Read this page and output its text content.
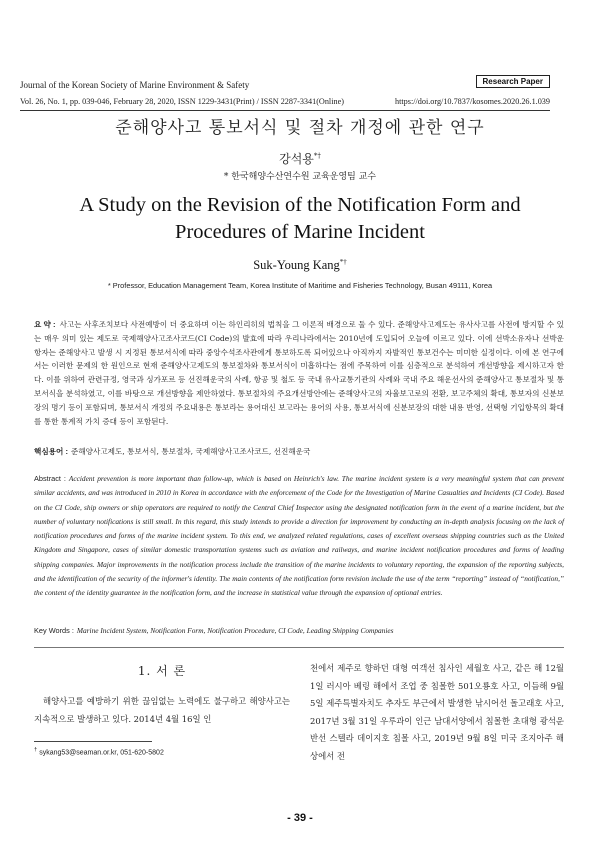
Journal of the Korean Society of Marine Environment & Safety	Research Paper
Vol. 26, No. 1, pp. 039-046, February 28, 2020, ISSN 1229-3431(Print) / ISSN 2287-3341(Online)	https://doi.org/10.7837/kosomes.2020.26.1.039
준해양사고 통보서식 및 절차 개정에 관한 연구
강석용*†
* 한국해양수산연수원 교육운영팀 교수
A Study on the Revision of the Notification Form and Procedures of Marine Incident
Suk-Young Kang*†
* Professor, Education Management Team, Korea Institute of Maritime and Fisheries Technology, Busan 49111, Korea
요 약 : 사고는 사후조치보다 사전예방이 더 중요하며 이는 하인리히의 법칙을 그 이론적 배경으로 둘 수 있다. 준해양사고제도는 유사사고를 사전에 방지할 수 있는 매우 의미 있는 제도로 국제해양사고조사코드(CI Code)의 발효에 따라 우리나라에서는 2010년에 도입되어 오늘에 이르고 있다. 이에 선박소유자나 선박운항자는 준해양사고 발생 시 지정된 통보서식에 따라 중앙수석조사관에게 통보하도록 되어있으나 아직까지 자발적인 통보건수는 미미한 실정이다. 이에 본 연구에서는 이러한 문제의 한 원인으로 현재 준해양사고제도의 통보절차와 통보서식이 미흡하다는 점에 주목하여 이를 심층적으로 분석하여 개선방향을 제시하고자 한다. 이를 위하여 관련규정, 영국과 싱가포르 등 선진해운국의 사례, 항공 및 철도 등 국내 유사교통기관의 사례와 국내 주요 해운선사의 준해양사고 통보절차 및 통보서식을 분석하였고, 이를 바탕으로 개선방향을 제안하였다. 통보절차의 주요개선방안에는 준해양사고의 자율보고로의 전환, 보고주체의 확대, 통보자의 신분보장의 명기 등이 포함되며, 통보서식 개정의 주요내용은 통보라는 용어대신 보고라는 용어의 사용, 통보서식에 신분보장의 대한 내용 반영, 선택형 기입항목의 확대를 통한 통계적 가치 증대 등이 포함된다.
핵심용어 : 준해양사고제도, 통보서식, 통보절차, 국제해양사고조사코드, 선진해운국
Abstract : Accident prevention is more important than follow-up, which is based on Heinrich's law. The marine incident system is a very meaningful system that can prevent similar accidents, and was introduced in 2010 in Korea in accordance with the enforcement of the Code for the Investigation of Marine Casualties and Incidents (CI Code). Based on the CI Code, ship owners or ship operators are required to notify the Central Chief Inspector using the designated notification form in the event of a marine incident, but the number of voluntary notifications is still small. In this regard, this study intends to provide a direction for improvement by conducting an in-depth analysis focusing on the lack of notification procedures and forms of the marine incident system. To this end, we analyzed related regulations, cases of excellent overseas shipping countries such as the United Kingdom and Singapore, cases of similar domestic transportation systems such as aviation and railways, and marine incident notification procedures and forms of leading shipping companies. Major improvements in the notification process include the transition of the marine incidents to voluntary reporting, the expansion of the reporting subjects, and the identification of the security of the informer's identity. The main contents of the notification form revision include the use of the term “reporting” instead of “notification,” the content of the identity guarantee in the notification form, and the increase in statistical value through the expansion of optional entries.
Key Words : Marine Incident System, Notification Form, Notification Procedure, CI Code, Leading Shipping Companies
1. 서 론
해양사고를 예방하기 위한 끊임없는 노력에도 불구하고 해양사고는 지속적으로 발생하고 있다. 2014년 4월 16일 인
천에서 제주로 향하던 대형 여객선 침사인 세월호 사고, 같은 해 12월 1일 러시아 베링 해에서 조업 중 침몰한 501오룡호 사고, 이듬해 9월 5일 제주특별자치도 추자도 부근에서 발생한 낚시어선 돌고래호 사고, 2017년 3월 31일 우루과이 인근 남대서양에서 침몰한 초대형 광석운반선 스텔라 데이지호 침몰 사고, 2019년 9월 8일 미국 조지아주 해상에서 전
† sykang53@seaman.or.kr, 051-620-5802
- 39 -
